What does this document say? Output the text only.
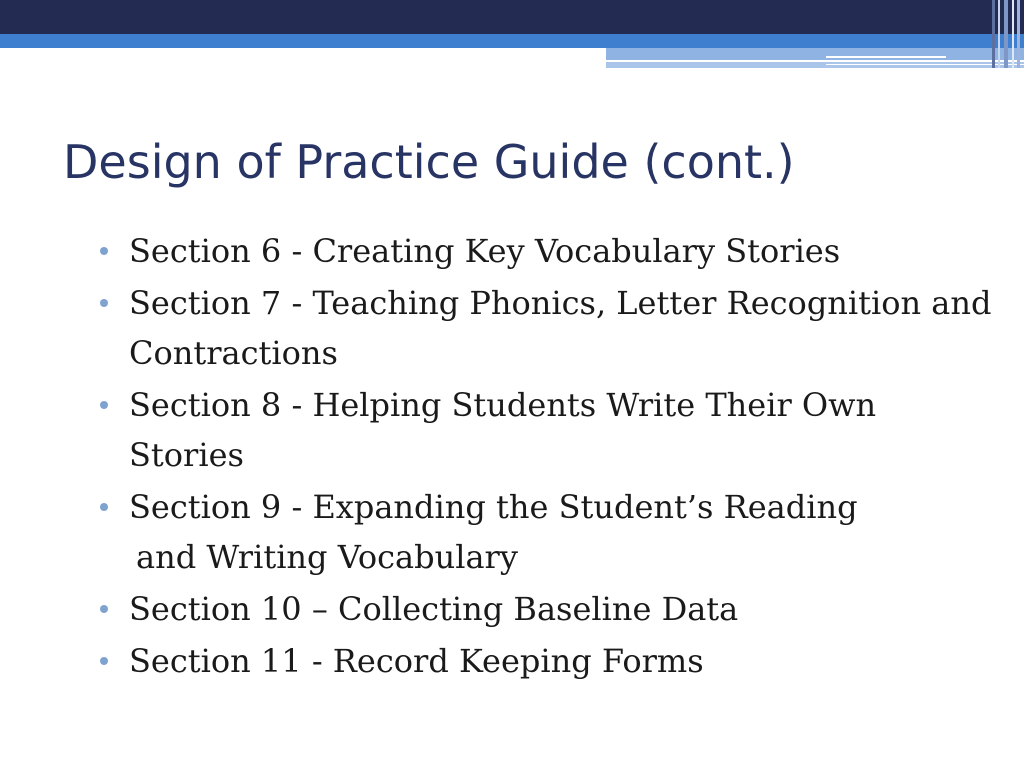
Design of Practice Guide (cont.)
Section 6 - Creating Key Vocabulary Stories
Section 7 - Teaching Phonics, Letter Recognition and Contractions
Section 8 - Helping Students Write Their Own Stories
Section 9 - Expanding the Student’s Reading
and Writing Vocabulary
Section 10 – Collecting Baseline Data
Section 11 - Record Keeping Forms
